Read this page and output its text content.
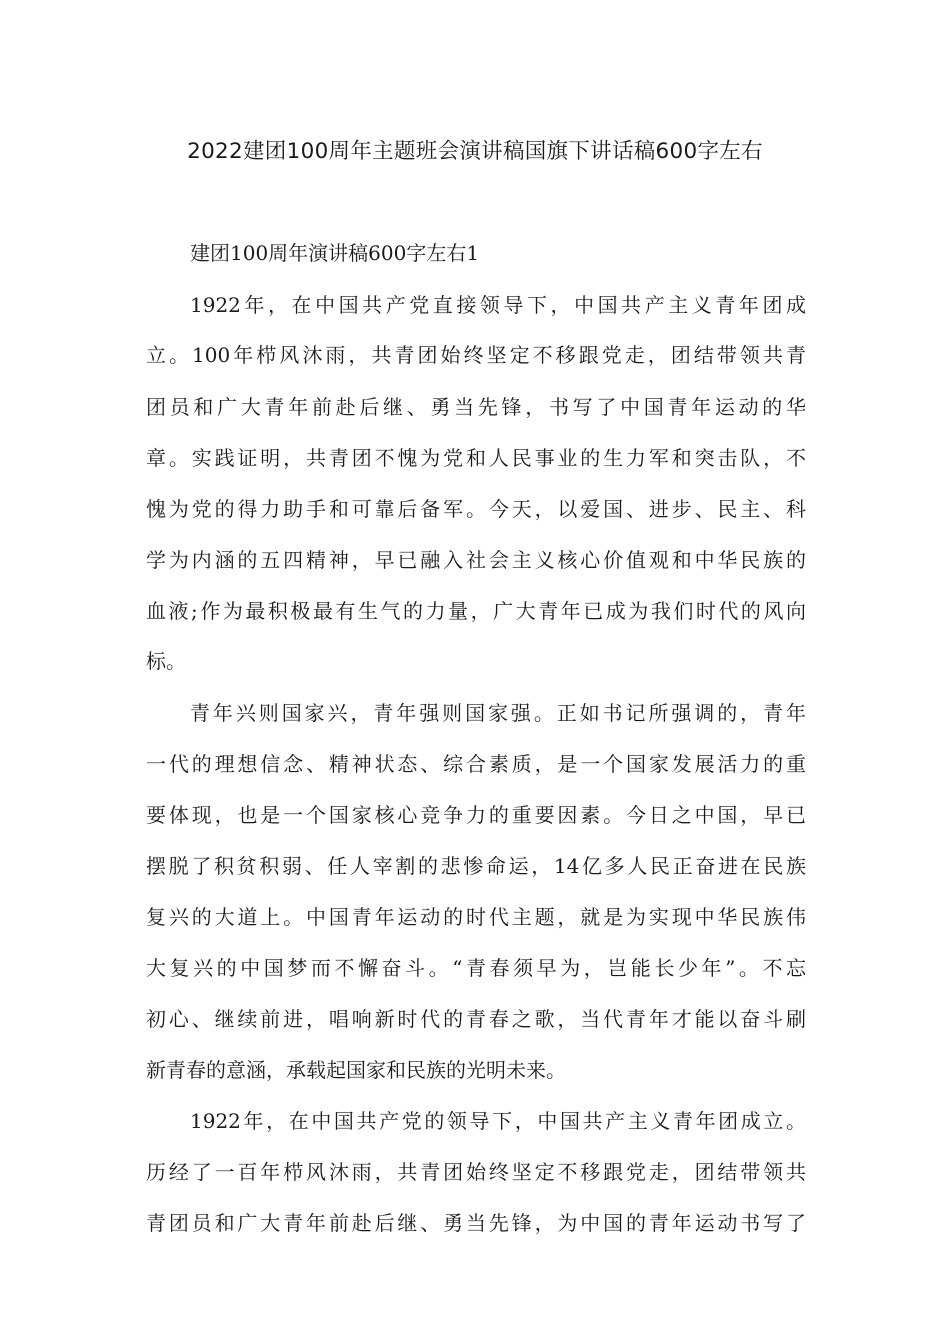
2022建团100周年主题班会演讲稿国旗下讲话稿600字左右
建团100周年演讲稿600字左右1
1922年，在中国共产党直接领导下，中国共产主义青年团成
立。100年栉风沐雨，共青团始终坚定不移跟党走，团结带领共青
团员和广大青年前赴后继、勇当先锋，书写了中国青年运动的华
章。实践证明，共青团不愧为党和人民事业的生力军和突击队，不
愧为党的得力助手和可靠后备军。今天，以爱国、进步、民主、科
学为内涵的五四精神，早已融入社会主义核心价值观和中华民族的
血液;作为最积极最有生气的力量，广大青年已成为我们时代的风向
标。
青年兴则国家兴，青年强则国家强。正如书记所强调的，青年
一代的理想信念、精神状态、综合素质，是一个国家发展活力的重
要体现，也是一个国家核心竞争力的重要因素。今日之中国，早已
摆脱了积贫积弱、任人宰割的悲惨命运，14亿多人民正奋进在民族
复兴的大道上。中国青年运动的时代主题，就是为实现中华民族伟
大复兴的中国梦而不懈奋斗。“青春须早为，岂能长少年”。不忘
初心、继续前进，唱响新时代的青春之歌，当代青年才能以奋斗刷
新青春的意涵，承载起国家和民族的光明未来。
1922年，在中国共产党的领导下，中国共产主义青年团成立。
历经了一百年栉风沐雨，共青团始终坚定不移跟党走，团结带领共
青团员和广大青年前赴后继、勇当先锋，为中国的青年运动书写了
